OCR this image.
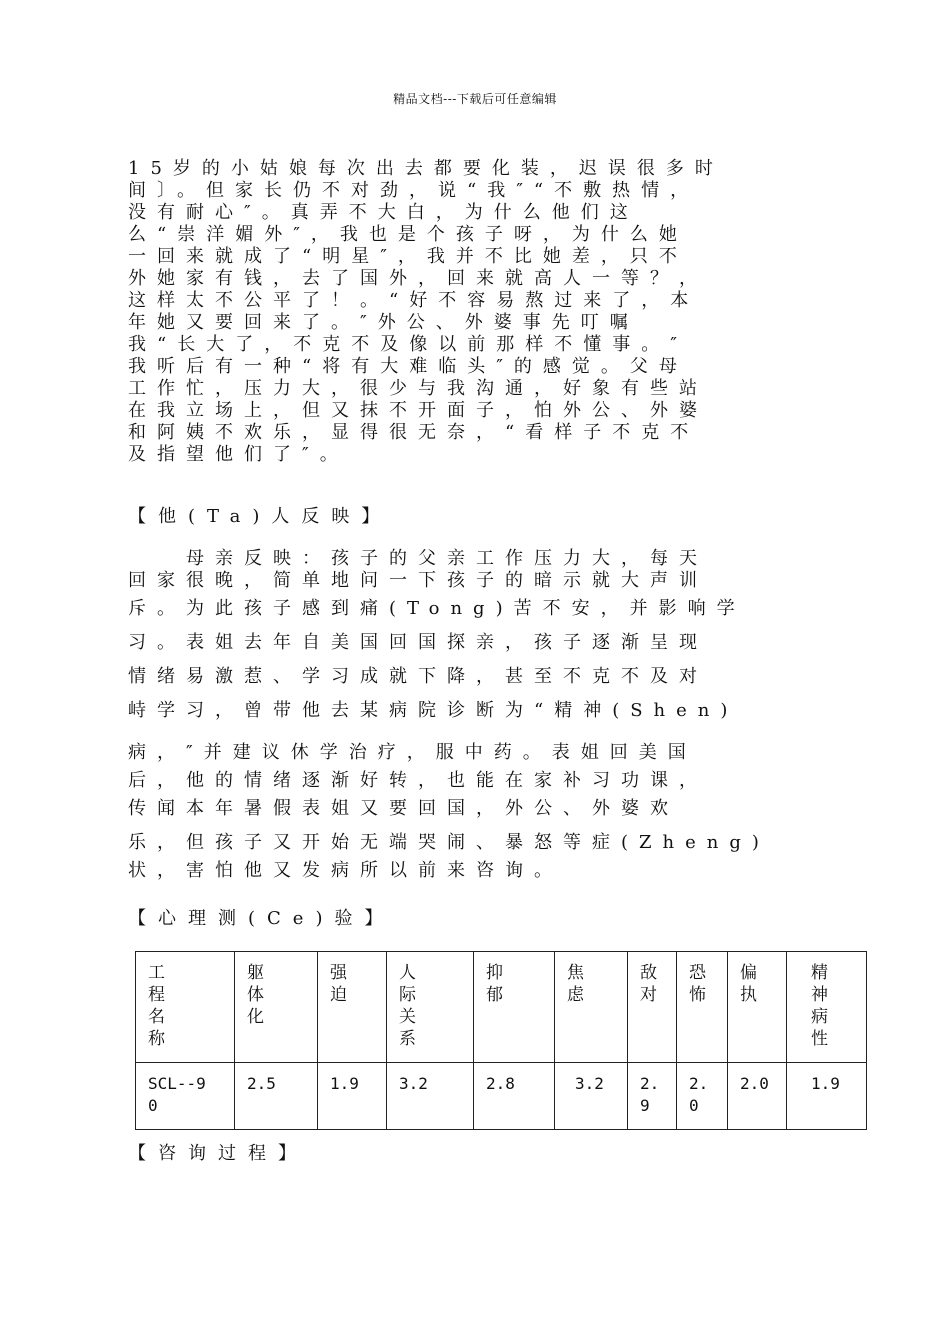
精品文档---下载后可任意编辑
15岁的小姑娘每次出去都要化装，迟误很多时
间〕。但家长仍不对劲，说“我″“不敷热情，
没有耐心″。真弄不大白，为什么他们这
么“崇洋媚外″，我也是个孩子呀，为什么她
一回来就成了“明星″，我并不比她差，只不
外她家有钱，去了国外，回来就高人一等？，
这样太不公平了！。“好不容易熬过来了，本
年她又要回来了。″外公、外婆事先叮嘱
我“长大了，不克不及像以前那样不懂事。″
我听后有一种“将有大难临头″的感觉。父母
工作忙，压力大，很少与我沟通，好象有些站
在我立场上，但又抹不开面子，怕外公、外婆
和阿姨不欢乐，显得很无奈，“看样子不克不
及指望他们了″。
【他(Ta)人反映】
　　母亲反映：孩子的父亲工作压力大，每天
回家很晚，简单地问一下孩子的暗示就大声训
斥。为此孩子感到痛(Tong)苦不安，并影响学
习。表姐去年自美国回国探亲，孩子逐渐呈现
情绪易激惹、学习成就下降，甚至不克不及对
峙学习，曾带他去某病院诊断为“精神(Shen)
病，″并建议休学治疗，服中药。表姐回美国
后，他的情绪逐渐好转，也能在家补习功课，
传闻本年暑假表姐又要回国，外公、外婆欢
乐，但孩子又开始无端哭闹、暴怒等症(Zheng)
状，害怕他又发病所以前来咨询。
【心理测(Ce)验】
工程名称	躯体化	强迫	人际关系	抑郁	焦虑	敌对	恐怖	偏执	精神病性

SCL--90	2.5	1.9	3.2	2.8	3.2	2.9	2.0	2.0	1.9
【咨询过程】
